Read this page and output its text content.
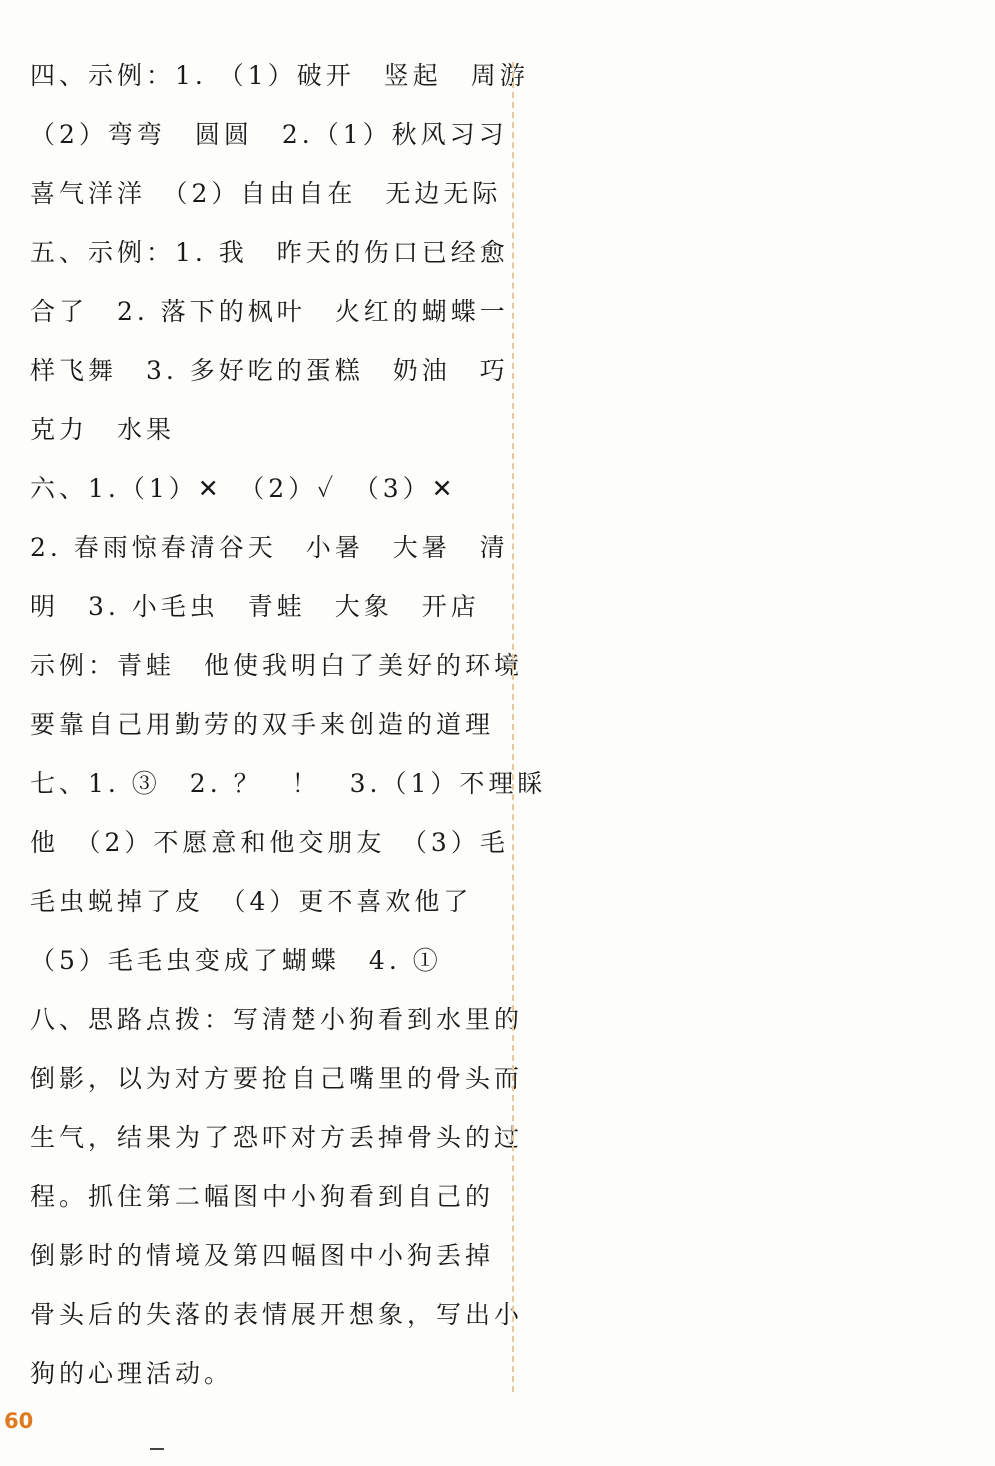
四、示例：1. （1）破开　竖起　周游
（2）弯弯　圆圆　2.（1）秋风习习
喜气洋洋　（2）自由自在　无边无际
五、示例：1. 我　昨天的伤口已经愈
合了　2. 落下的枫叶　火红的蝴蝶一
样飞舞　3. 多好吃的蛋糕　奶油　巧
克力　水果
六、1.（1）✕　（2）✓　（3）✕
2. 春雨惊春清谷天　小暑　大暑　清
明　3. 小毛虫　青蛙　大象　开店
示例：青蛙　他使我明白了美好的环境
要靠自己用勤劳的双手来创造的道理
七、1. ③　2. ？　！　3.（1）不理睬
他　（2）不愿意和他交朋友　（3）毛
毛虫蜕掉了皮　（4）更不喜欢他了
（5）毛毛虫变成了蝴蝶　4. ①
八、思路点拨：写清楚小狗看到水里的
倒影，以为对方要抢自己嘴里的骨头而
生气，结果为了恐吓对方丢掉骨头的过
程。抓住第二幅图中小狗看到自己的
倒影时的情境及第四幅图中小狗丢掉
骨头后的失落的表情展开想象，写出小
狗的心理活动。
60
